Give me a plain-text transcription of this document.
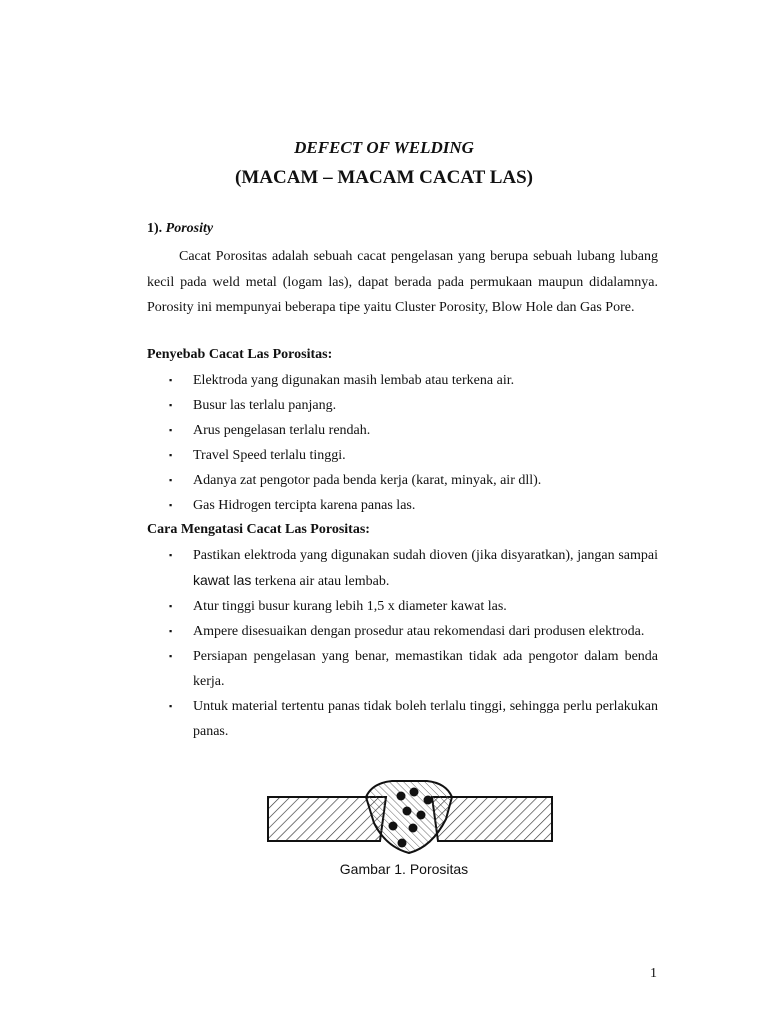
DEFECT OF WELDING
(MACAM – MACAM CACAT LAS)
1). Porosity
Cacat Porositas adalah sebuah cacat pengelasan yang berupa sebuah lubang lubang kecil pada weld metal (logam las), dapat berada pada permukaan maupun didalamnya. Porosity ini mempunyai beberapa tipe yaitu Cluster Porosity, Blow Hole dan Gas Pore.
Penyebab Cacat Las Porositas:
▪ Elektroda yang digunakan masih lembab atau terkena air.
▪ Busur las terlalu panjang.
▪ Arus pengelasan terlalu rendah.
▪ Travel Speed terlalu tinggi.
▪ Adanya zat pengotor pada benda kerja (karat, minyak, air dll).
▪ Gas Hidrogen tercipta karena panas las.
Cara Mengatasi Cacat Las Porositas:
▪ Pastikan elektroda yang digunakan sudah dioven (jika disyaratkan), jangan sampai kawat las terkena air atau lembab.
▪ Atur tinggi busur kurang lebih 1,5 x diameter kawat las.
▪ Ampere disesuaikan dengan prosedur atau rekomendasi dari produsen elektroda.
▪ Persiapan pengelasan yang benar, memastikan tidak ada pengotor dalam benda kerja.
▪ Untuk material tertentu panas tidak boleh terlalu tinggi, sehingga perlu perlakukan panas.
Gambar 1. Porositas
1
